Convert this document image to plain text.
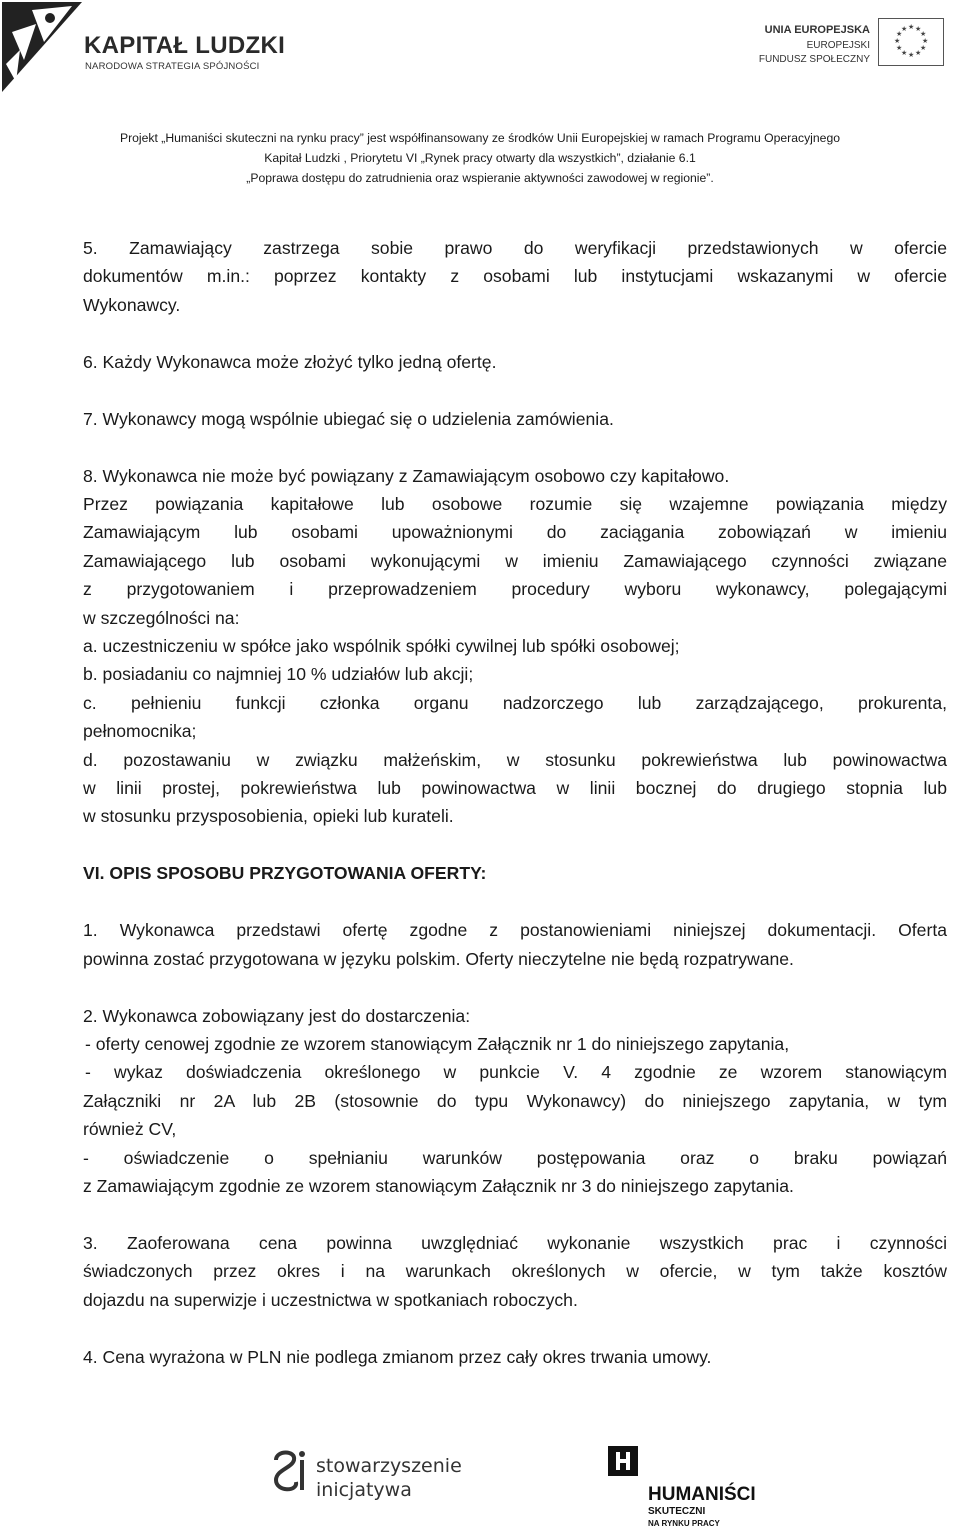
KAPITAŁ LUDZKI
NARODOWA STRATEGIA SPÓJNOŚCI
UNIA EUROPEJSKA
EUROPEJSKI
FUNDUSZ SPOŁECZNY
★ ★
★
★
★
★
★
★
★
★
★
★
Projekt „Humaniści skuteczni na rynku pracy” jest współfinansowany ze środków Unii Europejskiej w ramach Programu Operacyjnego
Kapitał Ludzki , Priorytetu VI „Rynek pracy otwarty dla wszystkich”, działanie 6.1
„Poprawa dostępu do zatrudnienia oraz wspieranie aktywności zawodowej w regionie”.

5. Zamawiający zastrzega sobie prawo do weryfikacji przedstawionych w ofercie

dokumentów m.in.: poprzez kontakty z osobami lub instytucjami wskazanymi w ofercie

Wykonawcy.

6. Każdy Wykonawca może złożyć tylko jedną ofertę.

7. Wykonawcy mogą wspólnie ubiegać się o udzielenia zamówienia.

8. Wykonawca nie może być powiązany z Zamawiającym osobowo czy kapitałowo.

Przez powiązania kapitałowe lub osobowe rozumie się wzajemne powiązania między

Zamawiającym lub osobami upoważnionymi do zaciągania zobowiązań w imieniu

Zamawiającego lub osobami wykonującymi w imieniu Zamawiającego czynności związane

z przygotowaniem i przeprowadzeniem procedury wyboru wykonawcy, polegającymi

w szczególności na:

a. uczestniczeniu w spółce jako wspólnik spółki cywilnej lub spółki osobowej;

b. posiadaniu co najmniej 10 % udziałów lub akcji;

c. pełnieniu funkcji członka organu nadzorczego lub zarządzającego, prokurenta,

pełnomocnika;

d. pozostawaniu w związku małżeńskim, w stosunku pokrewieństwa lub powinowactwa

w linii prostej, pokrewieństwa lub powinowactwa w linii bocznej do drugiego stopnia lub

w stosunku przysposobienia, opieki lub kurateli.

VI. OPIS SPOSOBU PRZYGOTOWANIA OFERTY:

1. Wykonawca przedstawi ofertę zgodne z postanowieniami niniejszej dokumentacji. Oferta

powinna zostać przygotowana w języku polskim. Oferty nieczytelne nie będą rozpatrywane.

2. Wykonawca zobowiązany jest do dostarczenia:

- oferty cenowej zgodnie ze wzorem stanowiącym Załącznik nr 1 do niniejszego zapytania,

- wykaz doświadczenia określonego w punkcie V. 4 zgodnie ze wzorem stanowiącym

Załączniki nr 2A lub 2B (stosownie do typu Wykonawcy) do niniejszego zapytania, w tym

również CV,

- oświadczenie o spełnianiu warunków postępowania oraz o braku powiązań

z Zamawiającym zgodnie ze wzorem stanowiącym Załącznik nr 3 do niniejszego zapytania.

3. Zaoferowana cena powinna uwzględniać wykonanie wszystkich prac i czynności

świadczonych przez okres i na warunkach określonych w ofercie, w tym także kosztów

dojazdu na superwizje i uczestnictwa w spotkaniach roboczych.

4. Cena wyrażona w PLN nie podlega zmianom przez cały okres trwania umowy.

stowarzyszenie
inicjatywa	HUMANIŚCI
SKUTECZNI
NA RYNKU PRACY
